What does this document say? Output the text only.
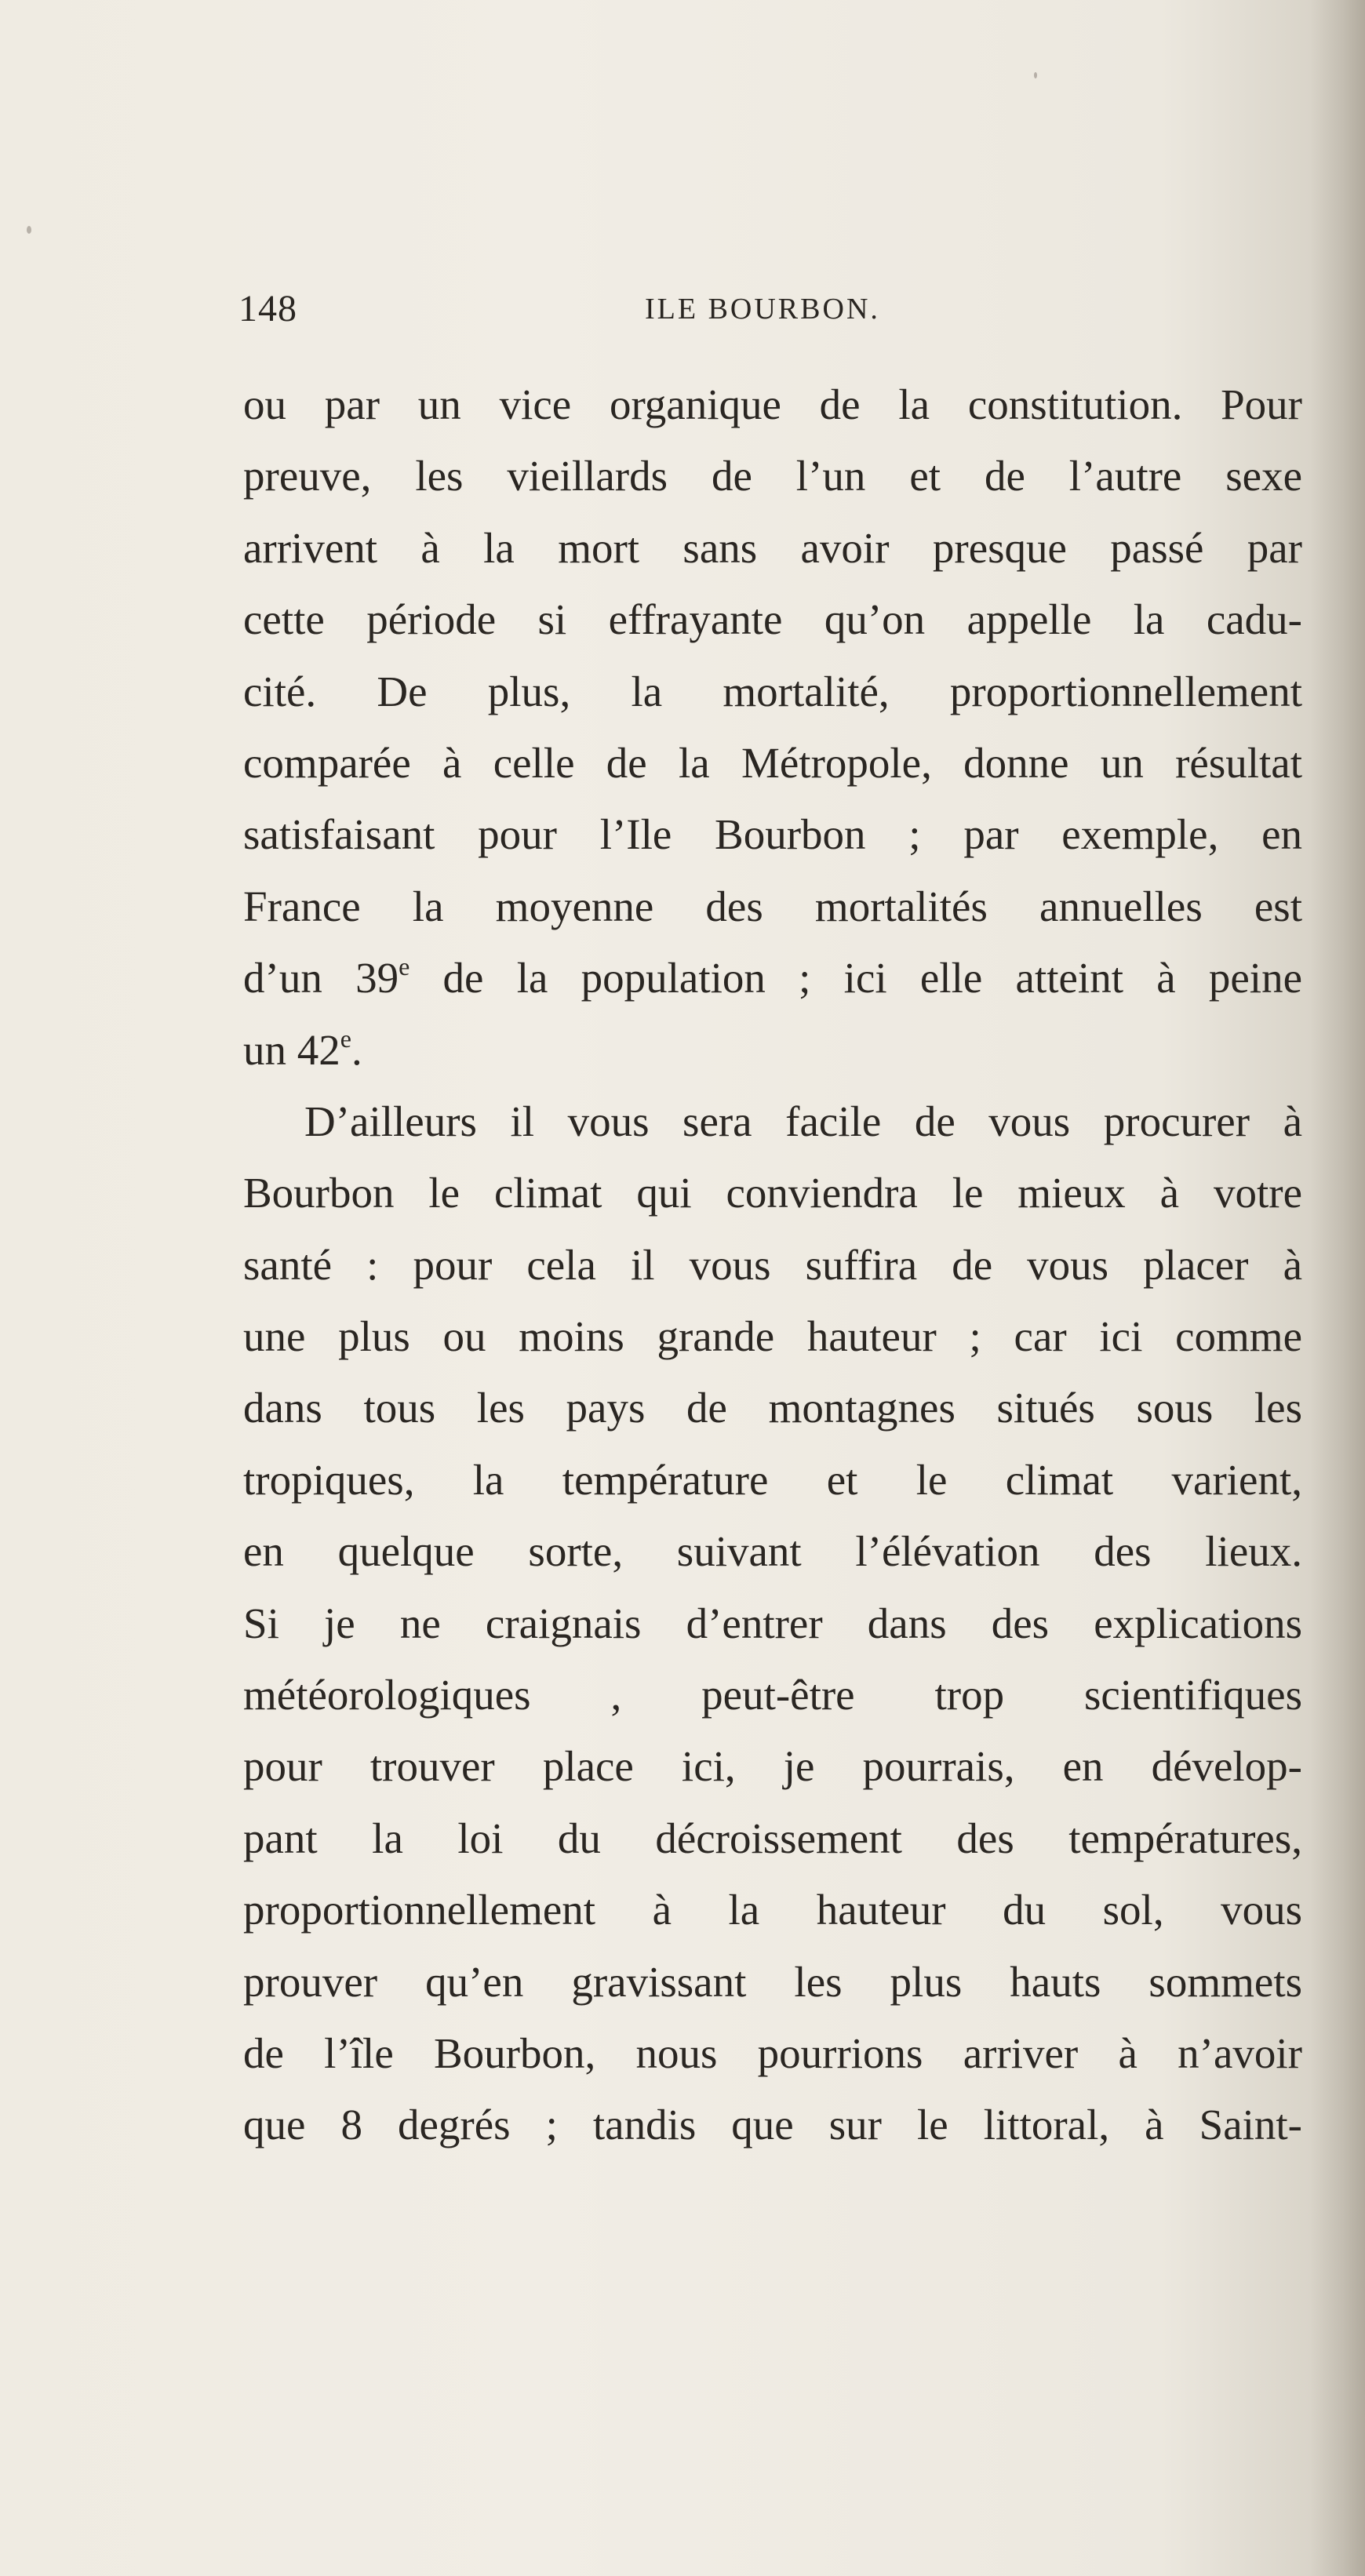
148	ILE BOURBON.
ou par un vice organique de la constitution. Pour
preuve, les vieillards de l’un et de l’autre sexe
arrivent à la mort sans avoir presque passé par
cette période si effrayante qu’on appelle la cadu-
cité. De plus, la mortalité, proportionnellement
comparée à celle de la Métropole, donne un résultat
satisfaisant pour l’Ile Bourbon ; par exemple, en
France la moyenne des mortalités annuelles est
d’un 39e de la population ; ici elle atteint à peine
un 42e.
D’ailleurs il vous sera facile de vous procurer à
Bourbon le climat qui conviendra le mieux à votre
santé : pour cela il vous suffira de vous placer à
une plus ou moins grande hauteur ; car ici comme
dans tous les pays de montagnes situés sous les
tropiques, la température et le climat varient,
en quelque sorte, suivant l’élévation des lieux.
Si je ne craignais d’entrer dans des explications
météorologiques , peut-être trop scientifiques
pour trouver place ici, je pourrais, en dévelop-
pant la loi du décroissement des températures,
proportionnellement à la hauteur du sol, vous
prouver qu’en gravissant les plus hauts sommets
de l’île Bourbon, nous pourrions arriver à n’avoir
que 8 degrés ; tandis que sur le littoral, à Saint-
